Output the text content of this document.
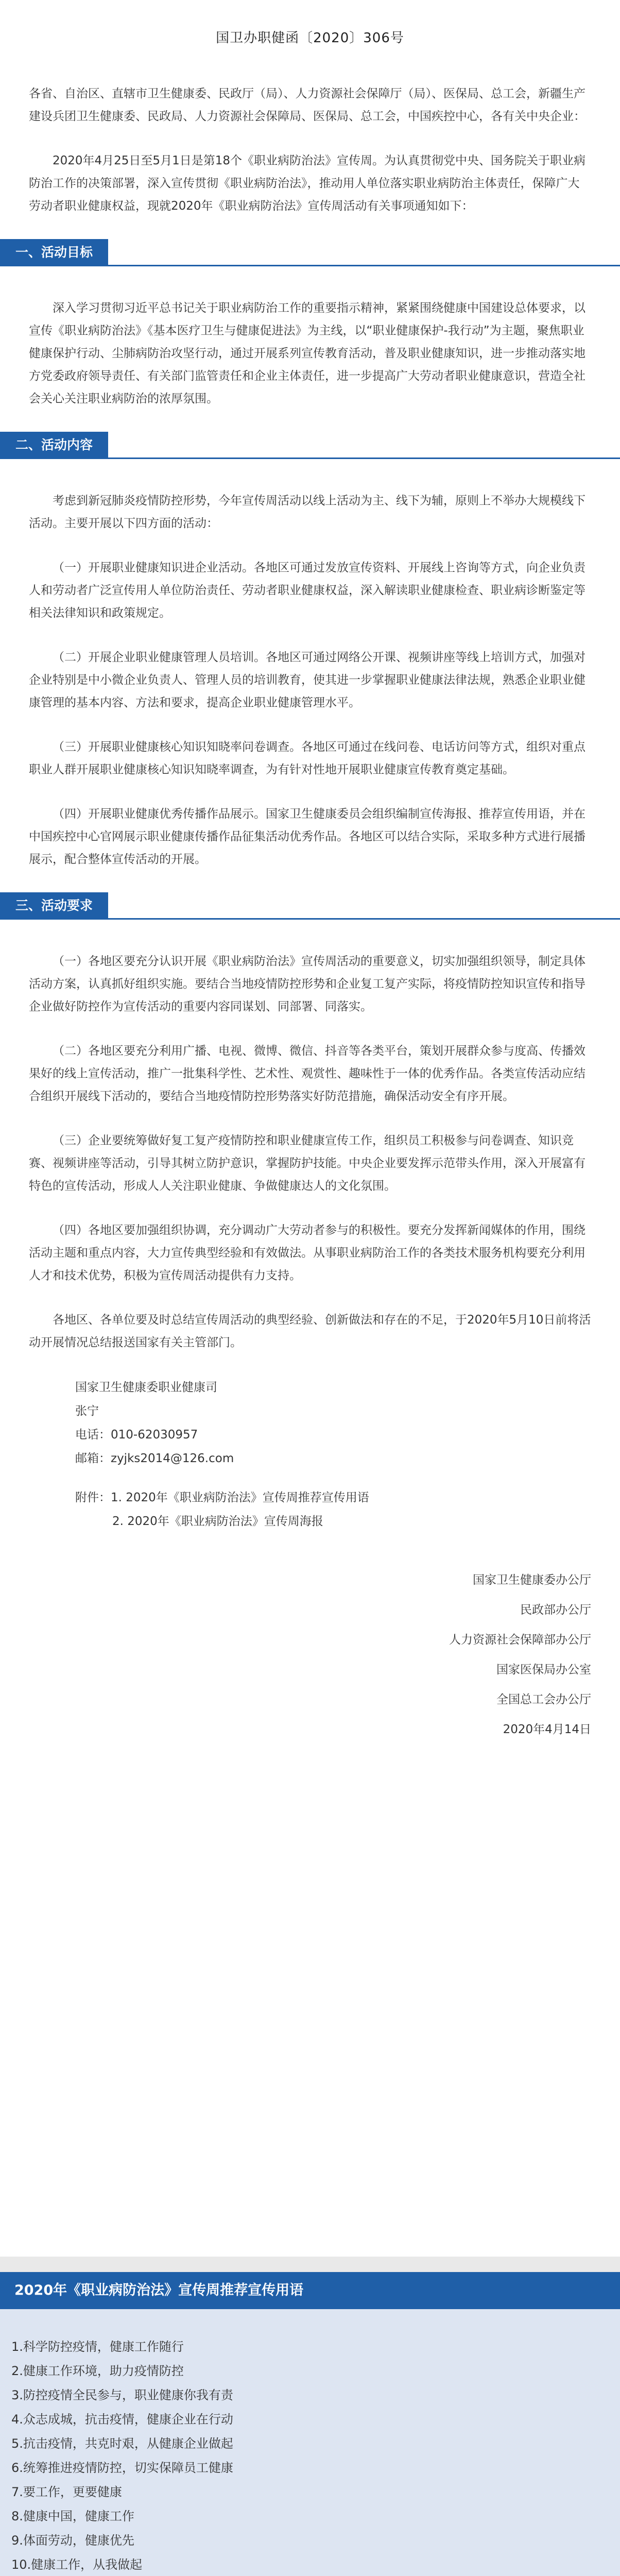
国卫办职健函〔2020〕306号

各省、自治区、直辖市卫生健康委、民政厅（局）、人力资源社会保障厅（局）、医保局、总工会，新疆生产建设兵团卫生健康委、民政局、人力资源社会保障局、医保局、总工会，中国疾控中心，各有关中央企业：

2020年4月25日至5月1日是第18个《职业病防治法》宣传周。为认真贯彻党中央、国务院关于职业病防治工作的决策部署，深入宣传贯彻《职业病防治法》，推动用人单位落实职业病防治主体责任，保障广大劳动者职业健康权益，现就2020年《职业病防治法》宣传周活动有关事项通知如下：

一、活动目标

深入学习贯彻习近平总书记关于职业病防治工作的重要指示精神，紧紧围绕健康中国建设总体要求，以宣传《职业病防治法》《基本医疗卫生与健康促进法》为主线，以“职业健康保护-我行动”为主题，聚焦职业健康保护行动、尘肺病防治攻坚行动，通过开展系列宣传教育活动，普及职业健康知识，进一步推动落实地方党委政府领导责任、有关部门监管责任和企业主体责任，进一步提高广大劳动者职业健康意识，营造全社会关心关注职业病防治的浓厚氛围。

二、活动内容

考虑到新冠肺炎疫情防控形势，今年宣传周活动以线上活动为主、线下为辅，原则上不举办大规模线下活动。主要开展以下四方面的活动：

（一）开展职业健康知识进企业活动。各地区可通过发放宣传资料、开展线上咨询等方式，向企业负责人和劳动者广泛宣传用人单位防治责任、劳动者职业健康权益，深入解读职业健康检查、职业病诊断鉴定等相关法律知识和政策规定。

（二）开展企业职业健康管理人员培训。各地区可通过网络公开课、视频讲座等线上培训方式，加强对企业特别是中小微企业负责人、管理人员的培训教育，使其进一步掌握职业健康法律法规，熟悉企业职业健康管理的基本内容、方法和要求，提高企业职业健康管理水平。

（三）开展职业健康核心知识知晓率问卷调查。各地区可通过在线问卷、电话访问等方式，组织对重点职业人群开展职业健康核心知识知晓率调查，为有针对性地开展职业健康宣传教育奠定基础。

（四）开展职业健康优秀传播作品展示。国家卫生健康委员会组织编制宣传海报、推荐宣传用语，并在中国疾控中心官网展示职业健康传播作品征集活动优秀作品。各地区可以结合实际，采取多种方式进行展播展示，配合整体宣传活动的开展。

三、活动要求

（一）各地区要充分认识开展《职业病防治法》宣传周活动的重要意义，切实加强组织领导，制定具体活动方案，认真抓好组织实施。要结合当地疫情防控形势和企业复工复产实际，将疫情防控知识宣传和指导企业做好防控作为宣传活动的重要内容同谋划、同部署、同落实。

（二）各地区要充分利用广播、电视、微博、微信、抖音等各类平台，策划开展群众参与度高、传播效果好的线上宣传活动，推广一批集科学性、艺术性、观赏性、趣味性于一体的优秀作品。各类宣传活动应结合组织开展线下活动的，要结合当地疫情防控形势落实好防范措施，确保活动安全有序开展。

（三）企业要统筹做好复工复产疫情防控和职业健康宣传工作，组织员工积极参与问卷调查、知识竞赛、视频讲座等活动，引导其树立防护意识，掌握防护技能。中央企业要发挥示范带头作用，深入开展富有特色的宣传活动，形成人人关注职业健康、争做健康达人的文化氛围。

（四）各地区要加强组织协调，充分调动广大劳动者参与的积极性。要充分发挥新闻媒体的作用，围绕活动主题和重点内容，大力宣传典型经验和有效做法。从事职业病防治工作的各类技术服务机构要充分利用人才和技术优势，积极为宣传周活动提供有力支持。

各地区、各单位要及时总结宣传周活动的典型经验、创新做法和存在的不足，于2020年5月10日前将活动开展情况总结报送国家有关主管部门。

国家卫生健康委职业健康司
张宁
电话：010-62030957
邮箱：zyjks2014@126.com
附件：1. 2020年《职业病防治法》宣传周推荐宣传用语
2. 2020年《职业病防治法》宣传周海报
国家卫生健康委办公厅
民政部办公厅
人力资源社会保障部办公厅
国家医保局办公室
全国总工会办公厅
2020年4月14日
2020年《职业病防治法》宣传周推荐宣传用语
1.科学防控疫情，健康工作随行
2.健康工作环境，助力疫情防控
3.防控疫情全民参与，职业健康你我有责
4.众志成城，抗击疫情，健康企业在行动
5.抗击疫情，共克时艰，从健康企业做起
6.统筹推进疫情防控，切实保障员工健康
7.要工作，更要健康
8.健康中国，健康工作
9.体面劳动，健康优先
10.健康工作，从我做起
